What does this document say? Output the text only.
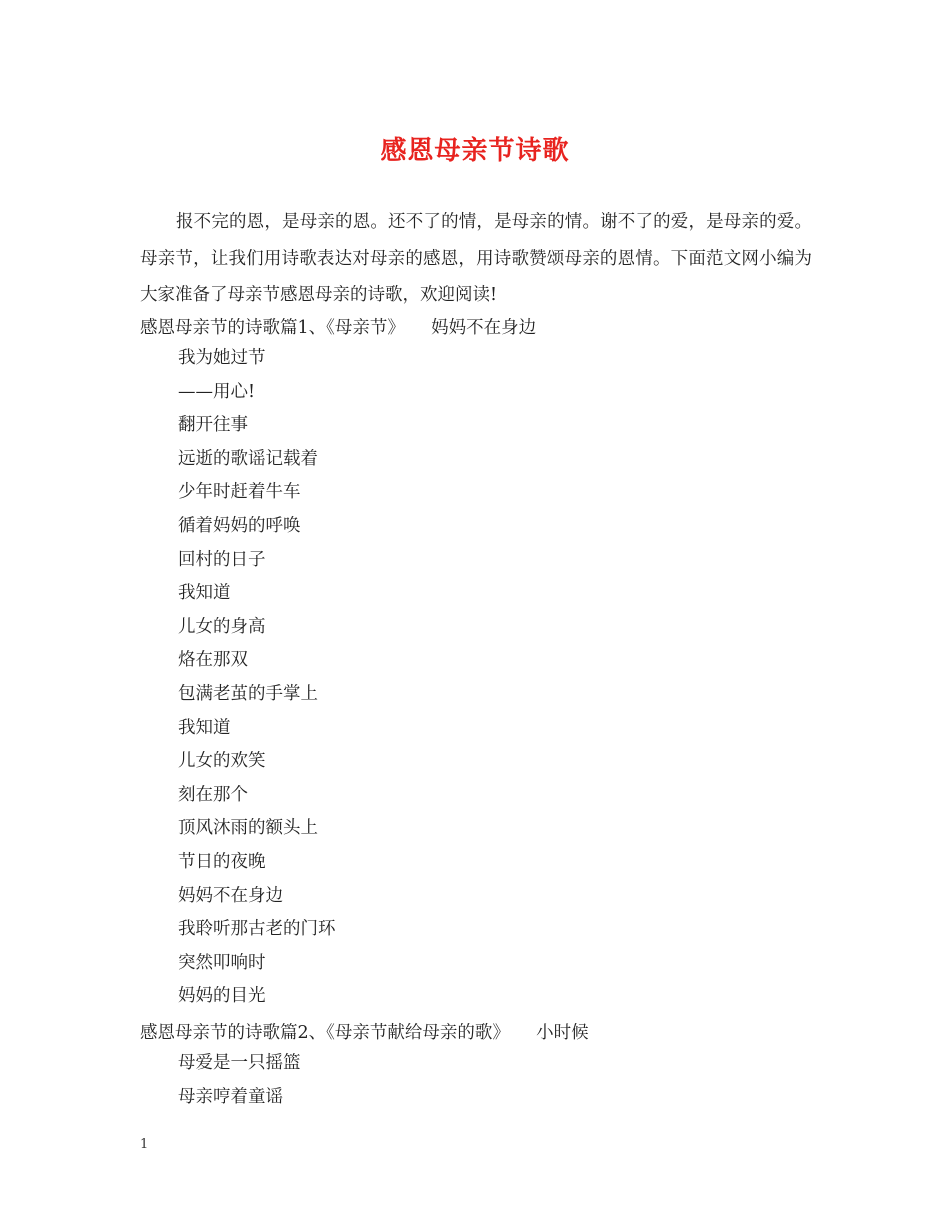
感恩母亲节诗歌
报不完的恩，是母亲的恩。还不了的情，是母亲的情。谢不了的爱，是母亲的爱。母亲节，让我们用诗歌表达对母亲的感恩，用诗歌赞颂母亲的恩情。下面范文网小编为大家准备了母亲节感恩母亲的诗歌，欢迎阅读!
感恩母亲节的诗歌篇1、《母亲节》　　妈妈不在身边
我为她过节
——用心!
翻开往事
远逝的歌谣记载着
少年时赶着牛车
循着妈妈的呼唤
回村的日子
我知道
儿女的身高
烙在那双
包满老茧的手掌上
我知道
儿女的欢笑
刻在那个
顶风沐雨的额头上
节日的夜晚
妈妈不在身边
我聆听那古老的门环
突然叩响时
妈妈的目光
感恩母亲节的诗歌篇2、《母亲节献给母亲的歌》　　小时候
母爱是一只摇篮
母亲哼着童谣
1
